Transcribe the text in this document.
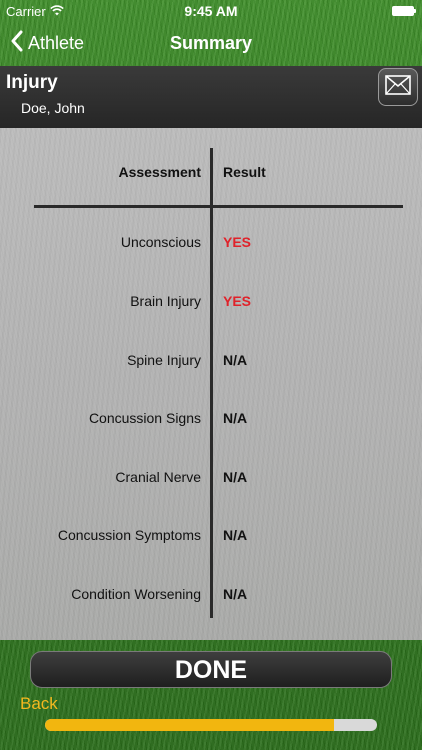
Carrier	9:45 AM
Athlete	Summary
Injury
Doe, John
Assessment Result
Unconscious YES
Brain Injury YES
Spine Injury N/A
Concussion Signs N/A
Cranial Nerve N/A
Concussion Symptoms N/A
Condition Worsening N/A
DONE
Back
